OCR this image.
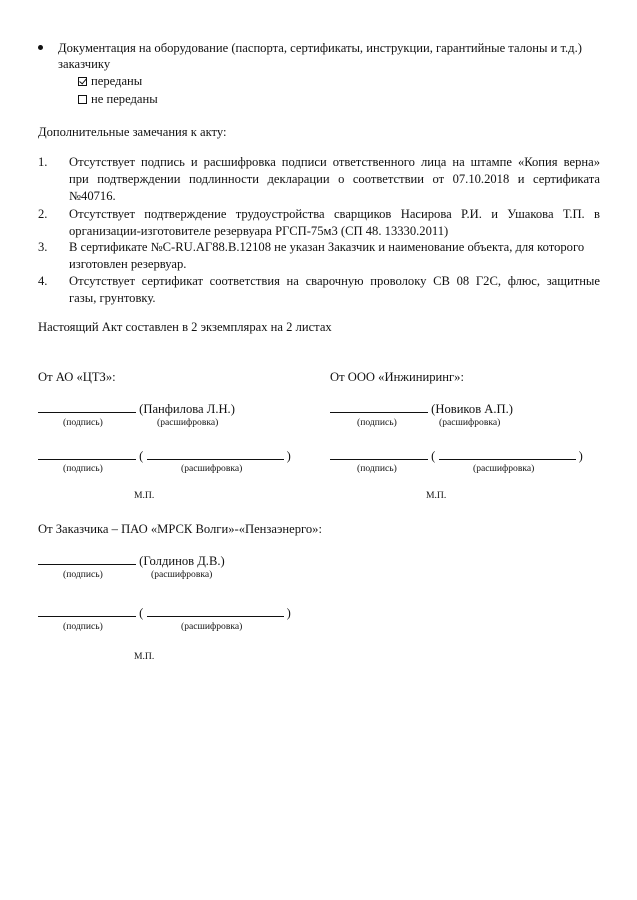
Документация на оборудование (паспорта, сертификаты, инструкции, гарантийные талоны и т.д.)
заказчику
переданы
не переданы
Дополнительные замечания к акту:
1. Отсутствует подпись и расшифровка подписи ответственного лица на штампе «Копия верна»
при подтверждении подлинности декларации о соответствии от 07.10.2018 и сертификата
№40716.
2. Отсутствует подтверждение трудоустройства сварщиков Насирова Р.И. и Ушакова Т.П. в
организации-изготовителе резервуара РГСП-75м3 (СП 48. 13330.2011)
3. В сертификате №С-RU.АГ88.В.12108 не указан Заказчик и наименование объекта, для которого
изготовлен резервуар.
4. Отсутствует сертификат соответствия на сварочную проволоку СВ 08 Г2С, флюс, защитные
газы, грунтовку.
Настоящий Акт составлен в 2 экземплярах на 2 листах
От АО «ЦТЗ»:
(Панфилова Л.Н.)
(подпись)	(расшифровка)
(	)
(подпись)	(расшифровка)
М.П.
От ООО «Инжиниринг»:
(Новиков А.П.)
(подпись)	(расшифровка)
(	)
(подпись)	(расшифровка)
М.П.
От Заказчика – ПАО «МРСК Волги»-«Пензаэнерго»:
(Голдинов Д.В.)
(подпись)	(расшифровка)
(	)
(подпись)	(расшифровка)
М.П.
